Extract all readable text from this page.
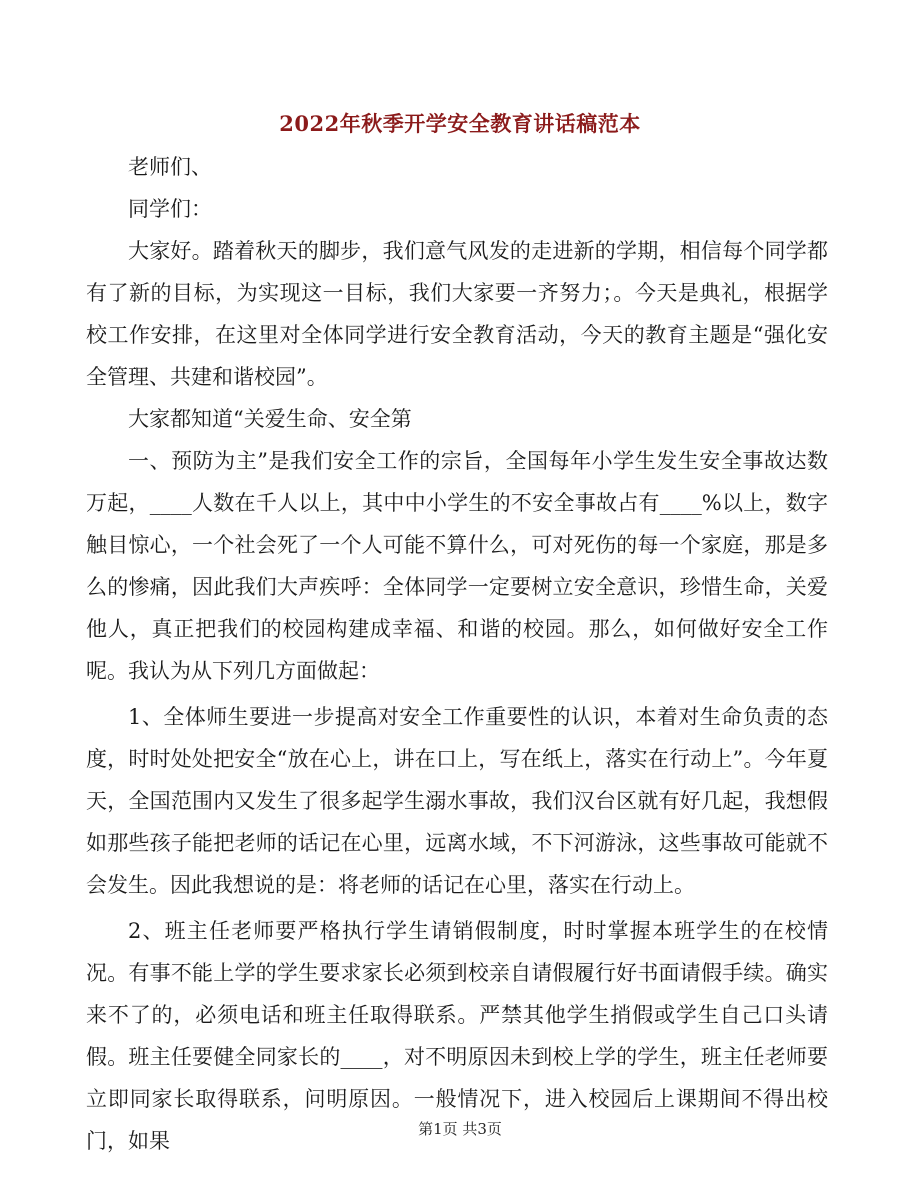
2022年秋季开学安全教育讲话稿范本

老师们、

同学们：

大家好。踏着秋天的脚步，我们意气风发的走进新的学期，相信每个同学都有了新的目标，为实现这一目标，我们大家要一齐努力；。今天是典礼，根据学校工作安排，在这里对全体同学进行安全教育活动，今天的教育主题是“强化安全管理、共建和谐校园”。

大家都知道“关爱生命、安全第

一、预防为主”是我们安全工作的宗旨，全国每年小学生发生安全事故达数万起，____人数在千人以上，其中中小学生的不安全事故占有____%以上，数字触目惊心，一个社会死了一个人可能不算什么，可对死伤的每一个家庭，那是多么的惨痛，因此我们大声疾呼：全体同学一定要树立安全意识，珍惜生命，关爱他人，真正把我们的校园构建成幸福、和谐的校园。那么，如何做好安全工作呢。我认为从下列几方面做起：

1、全体师生要进一步提高对安全工作重要性的认识，本着对生命负责的态度，时时处处把安全“放在心上，讲在口上，写在纸上，落实在行动上”。今年夏天，全国范围内又发生了很多起学生溺水事故，我们汉台区就有好几起，我想假如那些孩子能把老师的话记在心里，远离水域，不下河游泳，这些事故可能就不会发生。因此我想说的是：将老师的话记在心里，落实在行动上。

2、班主任老师要严格执行学生请销假制度，时时掌握本班学生的在校情况。有事不能上学的学生要求家长必须到校亲自请假履行好书面请假手续。确实来不了的，必须电话和班主任取得联系。严禁其他学生捎假或学生自己口头请假。班主任要健全同家长的____，对不明原因未到校上学的学生，班主任老师要立即同家长取得联系，问明原因。一般情况下，进入校园后上课期间不得出校门，如果	第1页 共3页
